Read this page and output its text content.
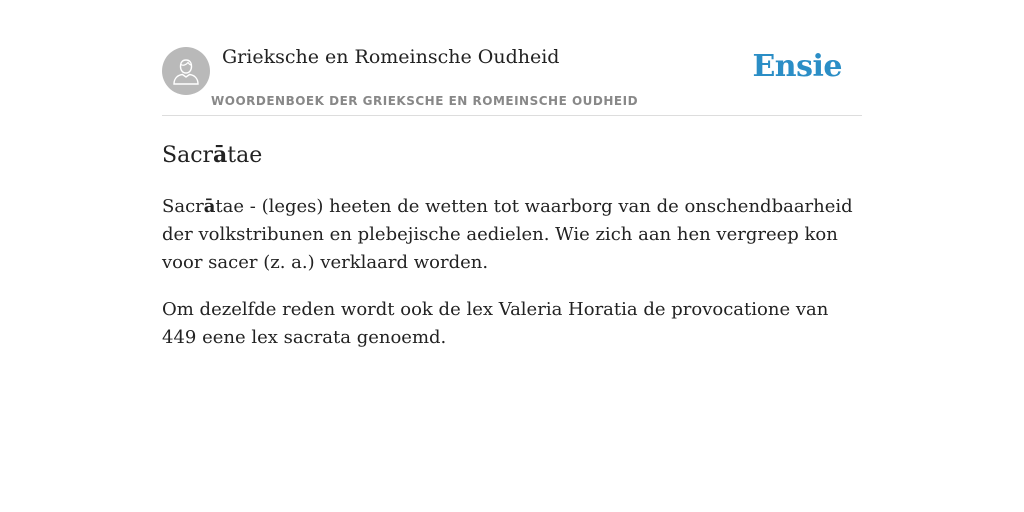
Grieksche en Romeinsche Oudheid
WOORDENBOEK DER GRIEKSCHE EN ROMEINSCHE OUDHEID
Ensie
Sacrātae

Sacrātae - (leges) heeten de wetten tot waarborg van de onschendbaarheid der volkstribunen en plebejische aedielen. Wie zich aan hen vergreep kon voor sacer (z. a.) verklaard worden.

Om dezelfde reden wordt ook de lex Valeria Horatia de provocatione van 449 eene lex sacrata genoemd.
